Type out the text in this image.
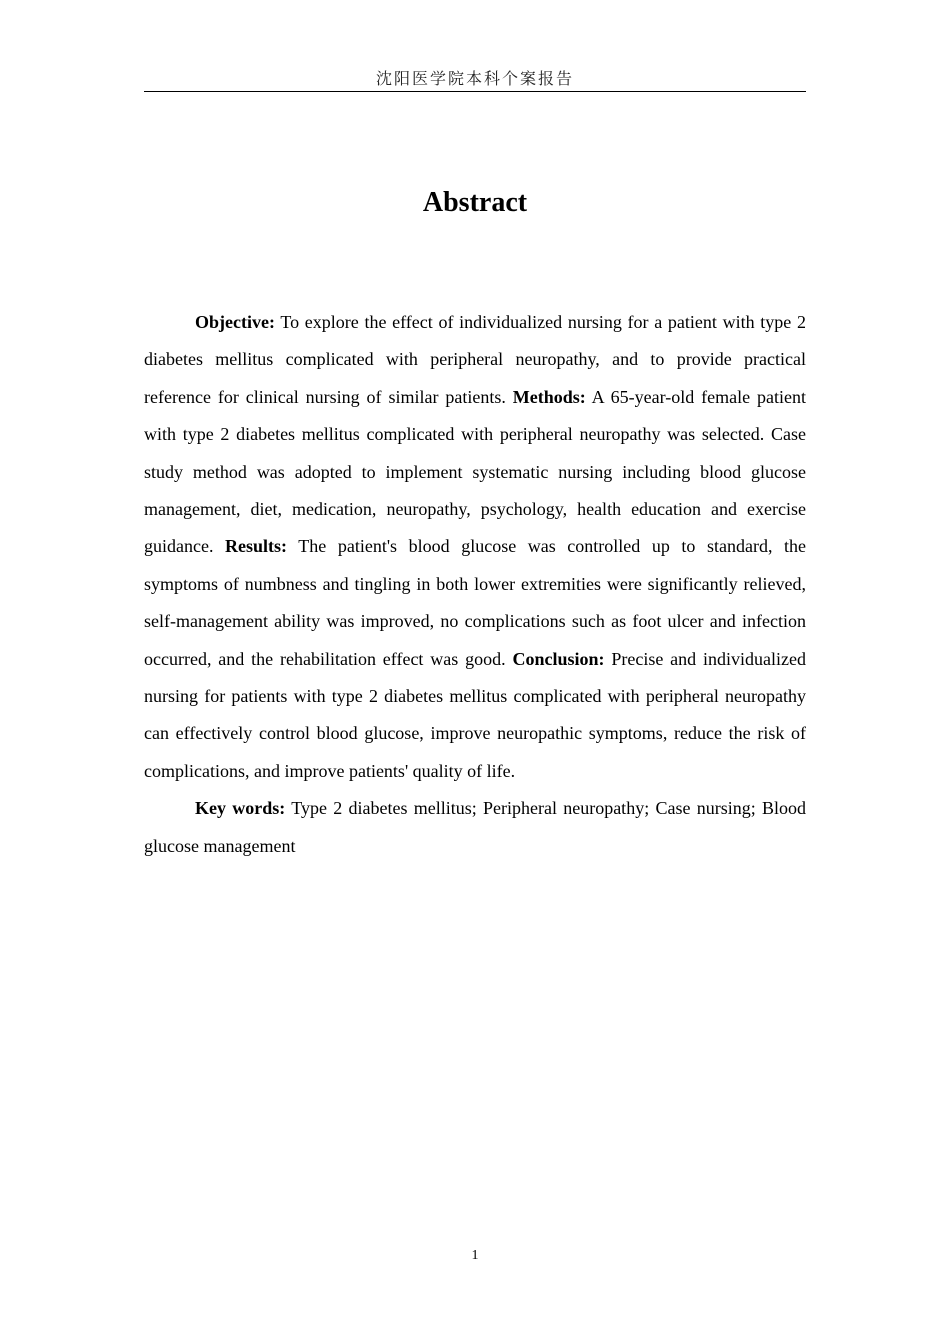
沈阳医学院本科个案报告
Abstract

Objective: To explore the effect of individualized nursing for a patient with type 2 diabetes mellitus complicated with peripheral neuropathy, and to provide practical reference for clinical nursing of similar patients. Methods: A 65-year-old female patient with type 2 diabetes mellitus complicated with peripheral neuropathy was selected. Case study method was adopted to implement systematic nursing including blood glucose management, diet, medication, neuropathy, psychology, health education and exercise guidance. Results: The patient's blood glucose was controlled up to standard, the symptoms of numbness and tingling in both lower extremities were significantly relieved, self-management ability was improved, no complications such as foot ulcer and infection occurred, and the rehabilitation effect was good. Conclusion: Precise and individualized nursing for patients with type 2 diabetes mellitus complicated with peripheral neuropathy can effectively control blood glucose, improve neuropathic symptoms, reduce the risk of complications, and improve patients' quality of life.

Key words: Type 2 diabetes mellitus; Peripheral neuropathy; Case nursing; Blood glucose management

1
